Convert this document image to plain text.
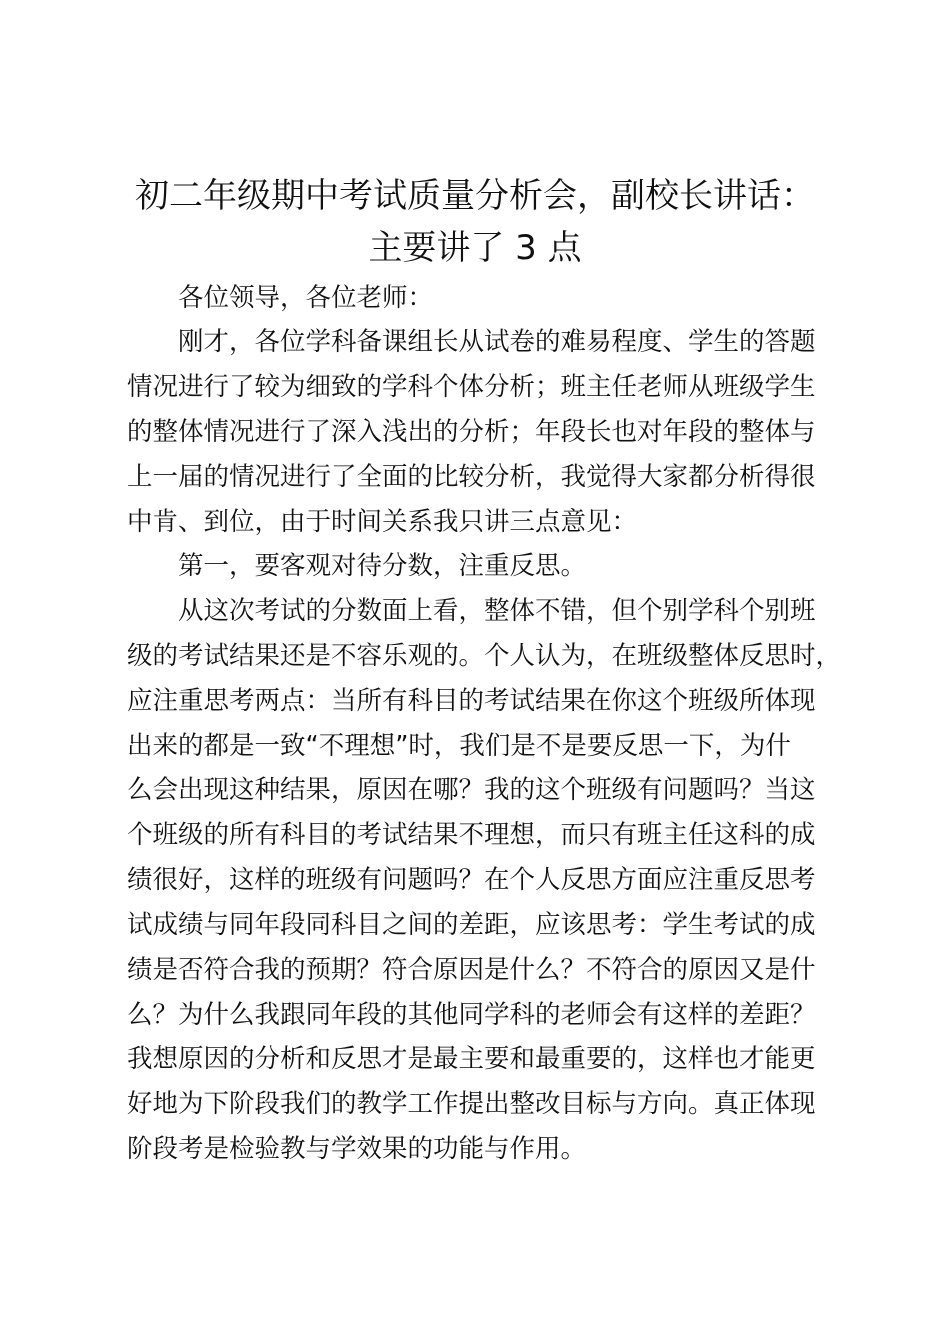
初二年级期中考试质量分析会，副校长讲话：
主要讲了 3 点
各位领导，各位老师：
刚才，各位学科备课组长从试卷的难易程度、学生的答题
情况进行了较为细致的学科个体分析；班主任老师从班级学生
的整体情况进行了深入浅出的分析；年段长也对年段的整体与
上一届的情况进行了全面的比较分析，我觉得大家都分析得很
中肯、到位，由于时间关系我只讲三点意见：
第一，要客观对待分数，注重反思。
从这次考试的分数面上看，整体不错，但个别学科个别班
级的考试结果还是不容乐观的。个人认为，在班级整体反思时，
应注重思考两点：当所有科目的考试结果在你这个班级所体现
出来的都是一致“不理想”时，我们是不是要反思一下，为什
么会出现这种结果，原因在哪？我的这个班级有问题吗？当这
个班级的所有科目的考试结果不理想，而只有班主任这科的成
绩很好，这样的班级有问题吗？在个人反思方面应注重反思考
试成绩与同年段同科目之间的差距，应该思考：学生考试的成
绩是否符合我的预期？符合原因是什么？不符合的原因又是什
么？为什么我跟同年段的其他同学科的老师会有这样的差距？
我想原因的分析和反思才是最主要和最重要的，这样也才能更
好地为下阶段我们的教学工作提出整改目标与方向。真正体现
阶段考是检验教与学效果的功能与作用。
